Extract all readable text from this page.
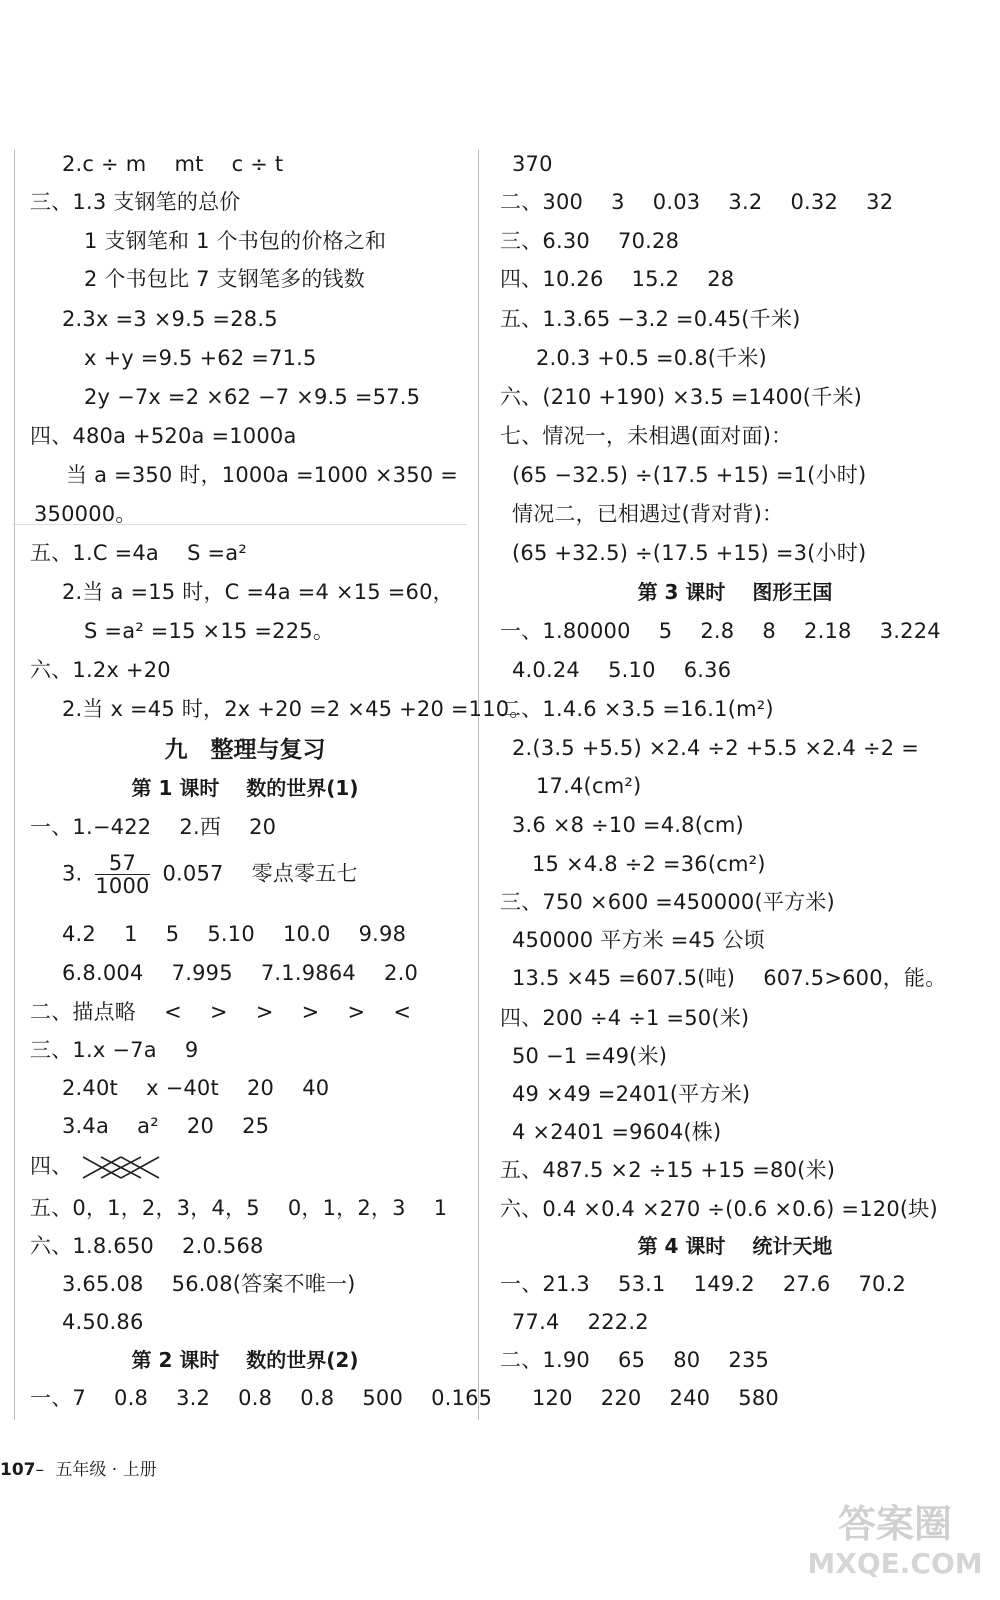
2.c ÷ m　 mt　 c ÷ t
三、1.3 支钢笔的总价
1 支钢笔和 1 个书包的价格之和
2 个书包比 7 支钢笔多的钱数
2.3x =3 ×9.5 =28.5
x +y =9.5 +62 =71.5
2y −7x =2 ×62 −7 ×9.5 =57.5
四、480a +520a =1000a
当 a =350 时，1000a =1000 ×350 =
350000。
五、1.C =4a　 S =a²
2.当 a =15 时，C =4a =4 ×15 =60，
S =a² =15 ×15 =225。
六、1.2x +20
2.当 x =45 时，2x +20 =2 ×45 +20 =110。
九　整理与复习
第 1 课时　 数的世界(1)
一、1.−422　 2.西　 20
3. $\frac{57}{1000} 0.057$　 零点零五七
4.2　 1　 5　 5.10　 10.0　 9.98
6.8.004　 7.995　 7.1.9864　 2.0
二、描点略　 <　 >　 >　 >　 >　 <
三、1.x −7a　 9
2.40t　 x −40t　 20　 40
3.4a　 a²　 20　 25
四、
五、0，1，2，3，4，5　 0，1，2，3　 1
六、1.8.650　 2.0.568
3.65.08　 56.08(答案不唯一)
4.50.86
第 2 课时　 数的世界(2)
一、7　 0.8　 3.2　 0.8　 0.8　 500　 0.165
370
二、300　 3　 0.03　 3.2　 0.32　 32
三、6.30　 70.28
四、10.26　 15.2　 28
五、1.3.65 −3.2 =0.45(千米)
2.0.3 +0.5 =0.8(千米)
六、(210 +190) ×3.5 =1400(千米)
七、情况一，未相遇(面对面)：
(65 −32.5) ÷(17.5 +15) =1(小时)
情况二，已相遇过(背对背)：
(65 +32.5) ÷(17.5 +15) =3(小时)
第 3 课时　 图形王国
一、1.80000　 5　 2.8　 8　 2.18　 3.224
4.0.24　 5.10　 6.36
二、1.4.6 ×3.5 =16.1(m²)
2.(3.5 +5.5) ×2.4 ÷2 +5.5 ×2.4 ÷2 =
17.4(cm²)
3.6 ×8 ÷10 =4.8(cm)
15 ×4.8 ÷2 =36(cm²)
三、750 ×600 =450000(平方米)
450000 平方米 =45 公顷
13.5 ×45 =607.5(吨)　 607.5>600，能。
四、200 ÷4 ÷1 =50(米)
50 −1 =49(米)
49 ×49 =2401(平方米)
4 ×2401 =9604(株)
五、487.5 ×2 ÷15 +15 =80(米)
六、0.4 ×0.4 ×270 ÷(0.6 ×0.6) =120(块)
第 4 课时　 统计天地
一、21.3　 53.1　 149.2　 27.6　 70.2
77.4　 222.2
二、1.90　 65　 80　 235
120　 220　 240　 580
107– 五年级 · 上册
答案圈
MXQE.COM
